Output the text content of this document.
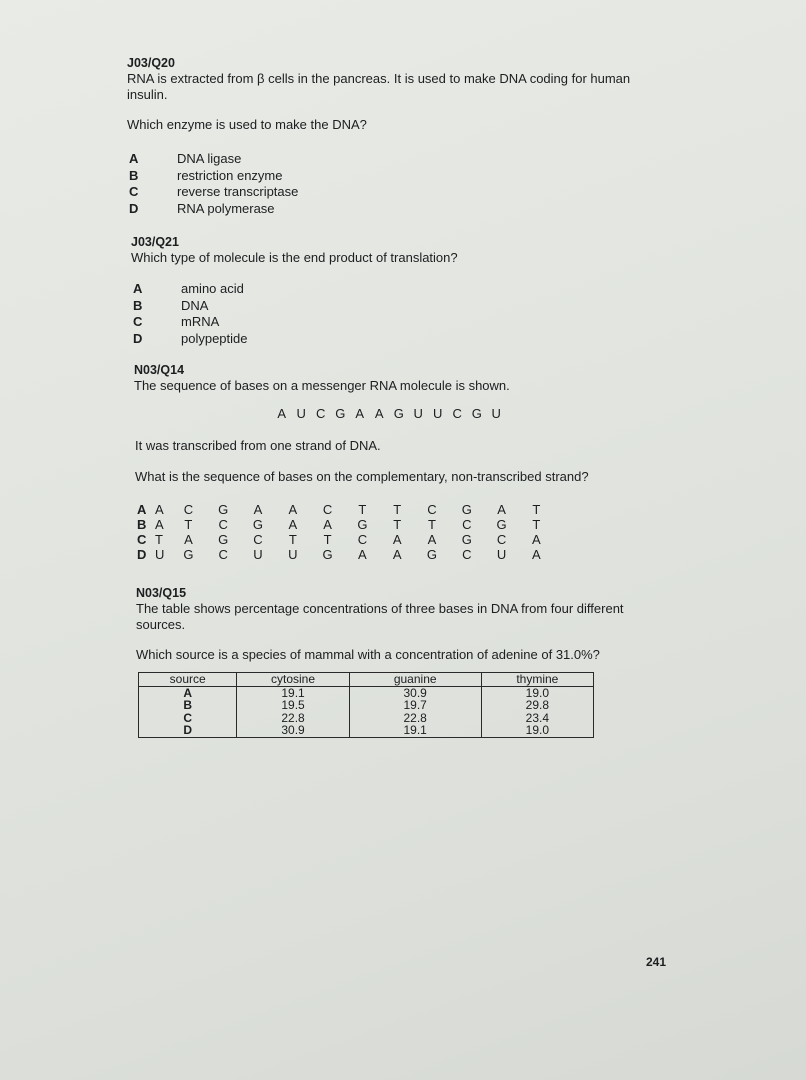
J03/Q20
RNA is extracted from β cells in the pancreas. It is used to make DNA coding for human insulin.
Which enzyme is used to make the DNA?
A	DNA ligase
B	restriction enzyme
C	reverse transcriptase
D	RNA polymerase
J03/Q21
Which type of molecule is the end product of translation?
A	amino acid
B	DNA
C	mRNA
D	polypeptide
N03/Q14
The sequence of bases on a messenger RNA molecule is shown.
A U C G A A G U U C G U
It was transcribed from one strand of DNA.
What is the sequence of bases on the complementary, non-transcribed strand?
A A	C	G	A	A	C	T	T	C	G	A	T
B A	T	C	G	A	A	G	T	T	C	G	T
C T	A	G	C	T	T	C	A	A	G	C	A
D U	G	C	U	U	G	A	A	G	C	U	A
N03/Q15
The table shows percentage concentrations of three bases in DNA from four different sources.
Which source is a species of mammal with a concentration of adenine of 31.0%?
source	cytosine	guanine	thymine
A	19.1	30.9	19.0
B	19.5	19.7	29.8
C	22.8	22.8	23.4
D	30.9	19.1	19.0
241
